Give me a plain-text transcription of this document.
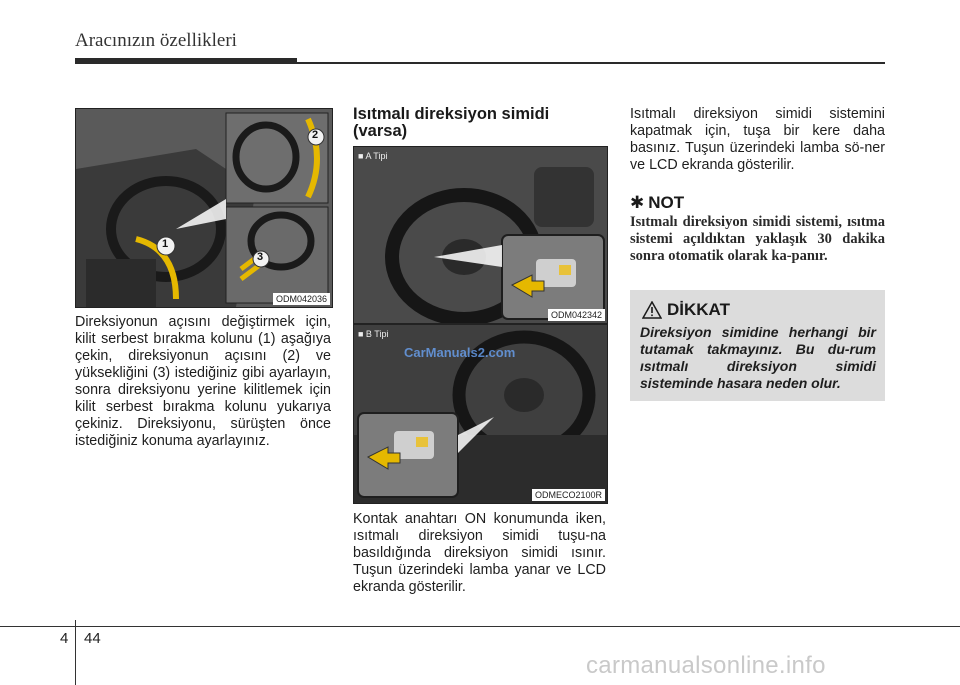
Aracınızın özellikleri
1
2
3
ODM042036
Direksiyonun açısını değiştirmek için, kilit serbest bırakma kolunu (1) aşağıya çekin, direksiyonun açısını (2) ve yüksekliğini (3) istediğiniz gibi ayarlayın, sonra direksiyonu yerine kilitlemek için kilit serbest bırakma kolunu yukarıya çekiniz. Direksiyonu, sürüşten önce istediğiniz konuma ayarlayınız.
Isıtmalı direksiyon simidi (varsa)
■ A Tipi
ODM042342
■ B Tipi
CarManuals2.com
ODMECO2100R
Kontak anahtarı ON konumunda iken, ısıtmalı direksiyon simidi tuşu-na basıldığında direksiyon simidi ısınır. Tuşun üzerindeki lamba yanar ve LCD ekranda gösterilir.
Isıtmalı direksiyon simidi sistemini kapatmak için, tuşa bir kere daha basınız. Tuşun üzerindeki lamba sö-ner ve LCD ekranda gösterilir.
✱ NOT
Isıtmalı direksiyon simidi sistemi, ısıtma sistemi açıldıktan yaklaşık 30 dakika sonra otomatik olarak ka-panır.
DİKKAT
Direksiyon simidine herhangi bir tutamak takmayınız. Bu du-rum ısıtmalı direksiyon simidi sisteminde hasara neden olur.
4 44
carmanualsonline.info
